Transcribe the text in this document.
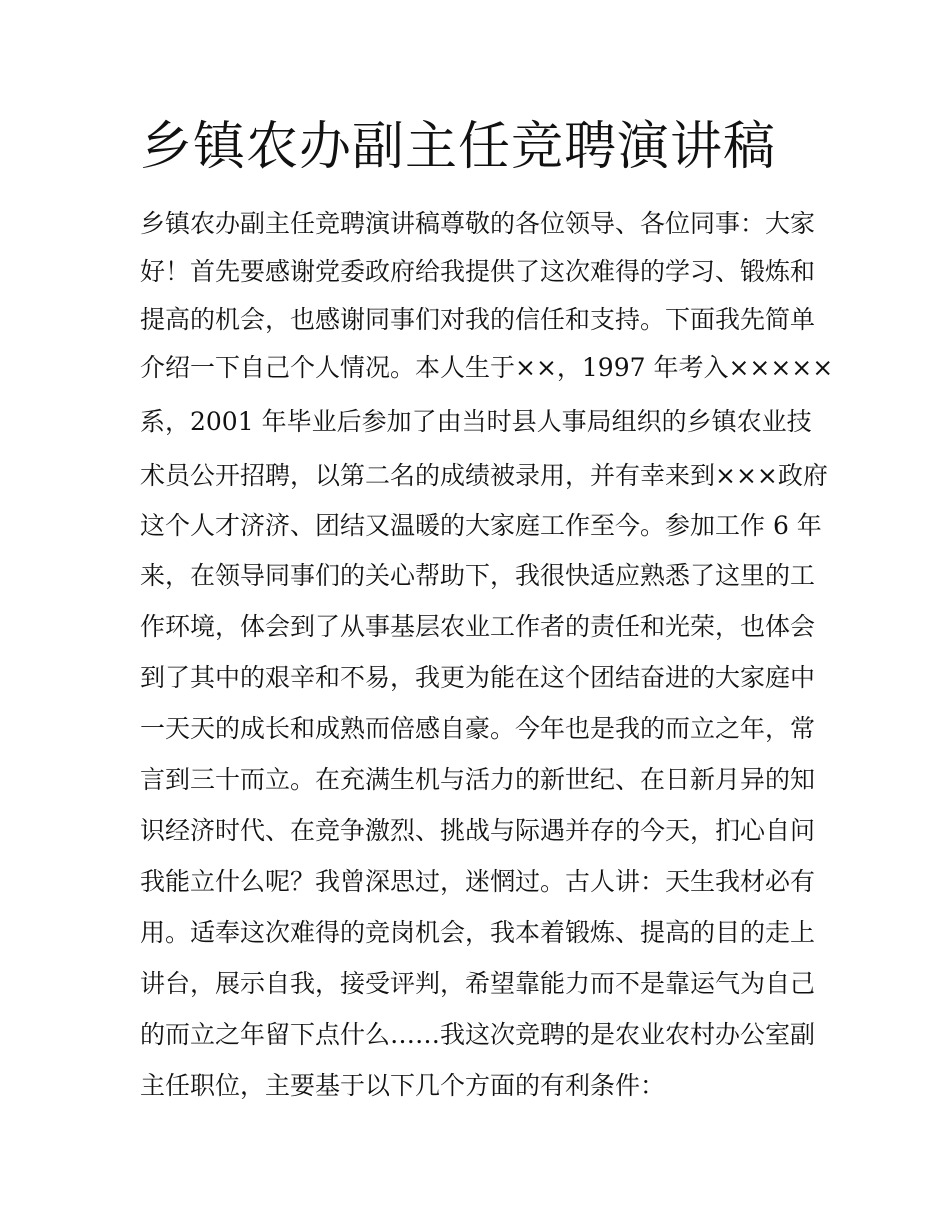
乡镇农办副主任竞聘演讲稿

乡镇农办副主任竞聘演讲稿尊敬的各位领导、各位同事：大家

好！首先要感谢党委政府给我提供了这次难得的学习、锻炼和

提高的机会，也感谢同事们对我的信任和支持。下面我先简单

介绍一下自己个人情况。本人生于××，1997 年考入×××××

系，2001 年毕业后参加了由当时县人事局组织的乡镇农业技

术员公开招聘，以第二名的成绩被录用，并有幸来到×××政府

这个人才济济、团结又温暖的大家庭工作至今。参加工作 6 年

来，在领导同事们的关心帮助下，我很快适应熟悉了这里的工

作环境，体会到了从事基层农业工作者的责任和光荣，也体会

到了其中的艰辛和不易，我更为能在这个团结奋进的大家庭中

一天天的成长和成熟而倍感自豪。今年也是我的而立之年，常

言到三十而立。在充满生机与活力的新世纪、在日新月异的知

识经济时代、在竞争激烈、挑战与际遇并存的今天，扪心自问

我能立什么呢？我曾深思过，迷惘过。古人讲：天生我材必有

用。适奉这次难得的竞岗机会，我本着锻炼、提高的目的走上

讲台，展示自我，接受评判，希望靠能力而不是靠运气为自己

的而立之年留下点什么……我这次竞聘的是农业农村办公室副

主任职位，主要基于以下几个方面的有利条件：
